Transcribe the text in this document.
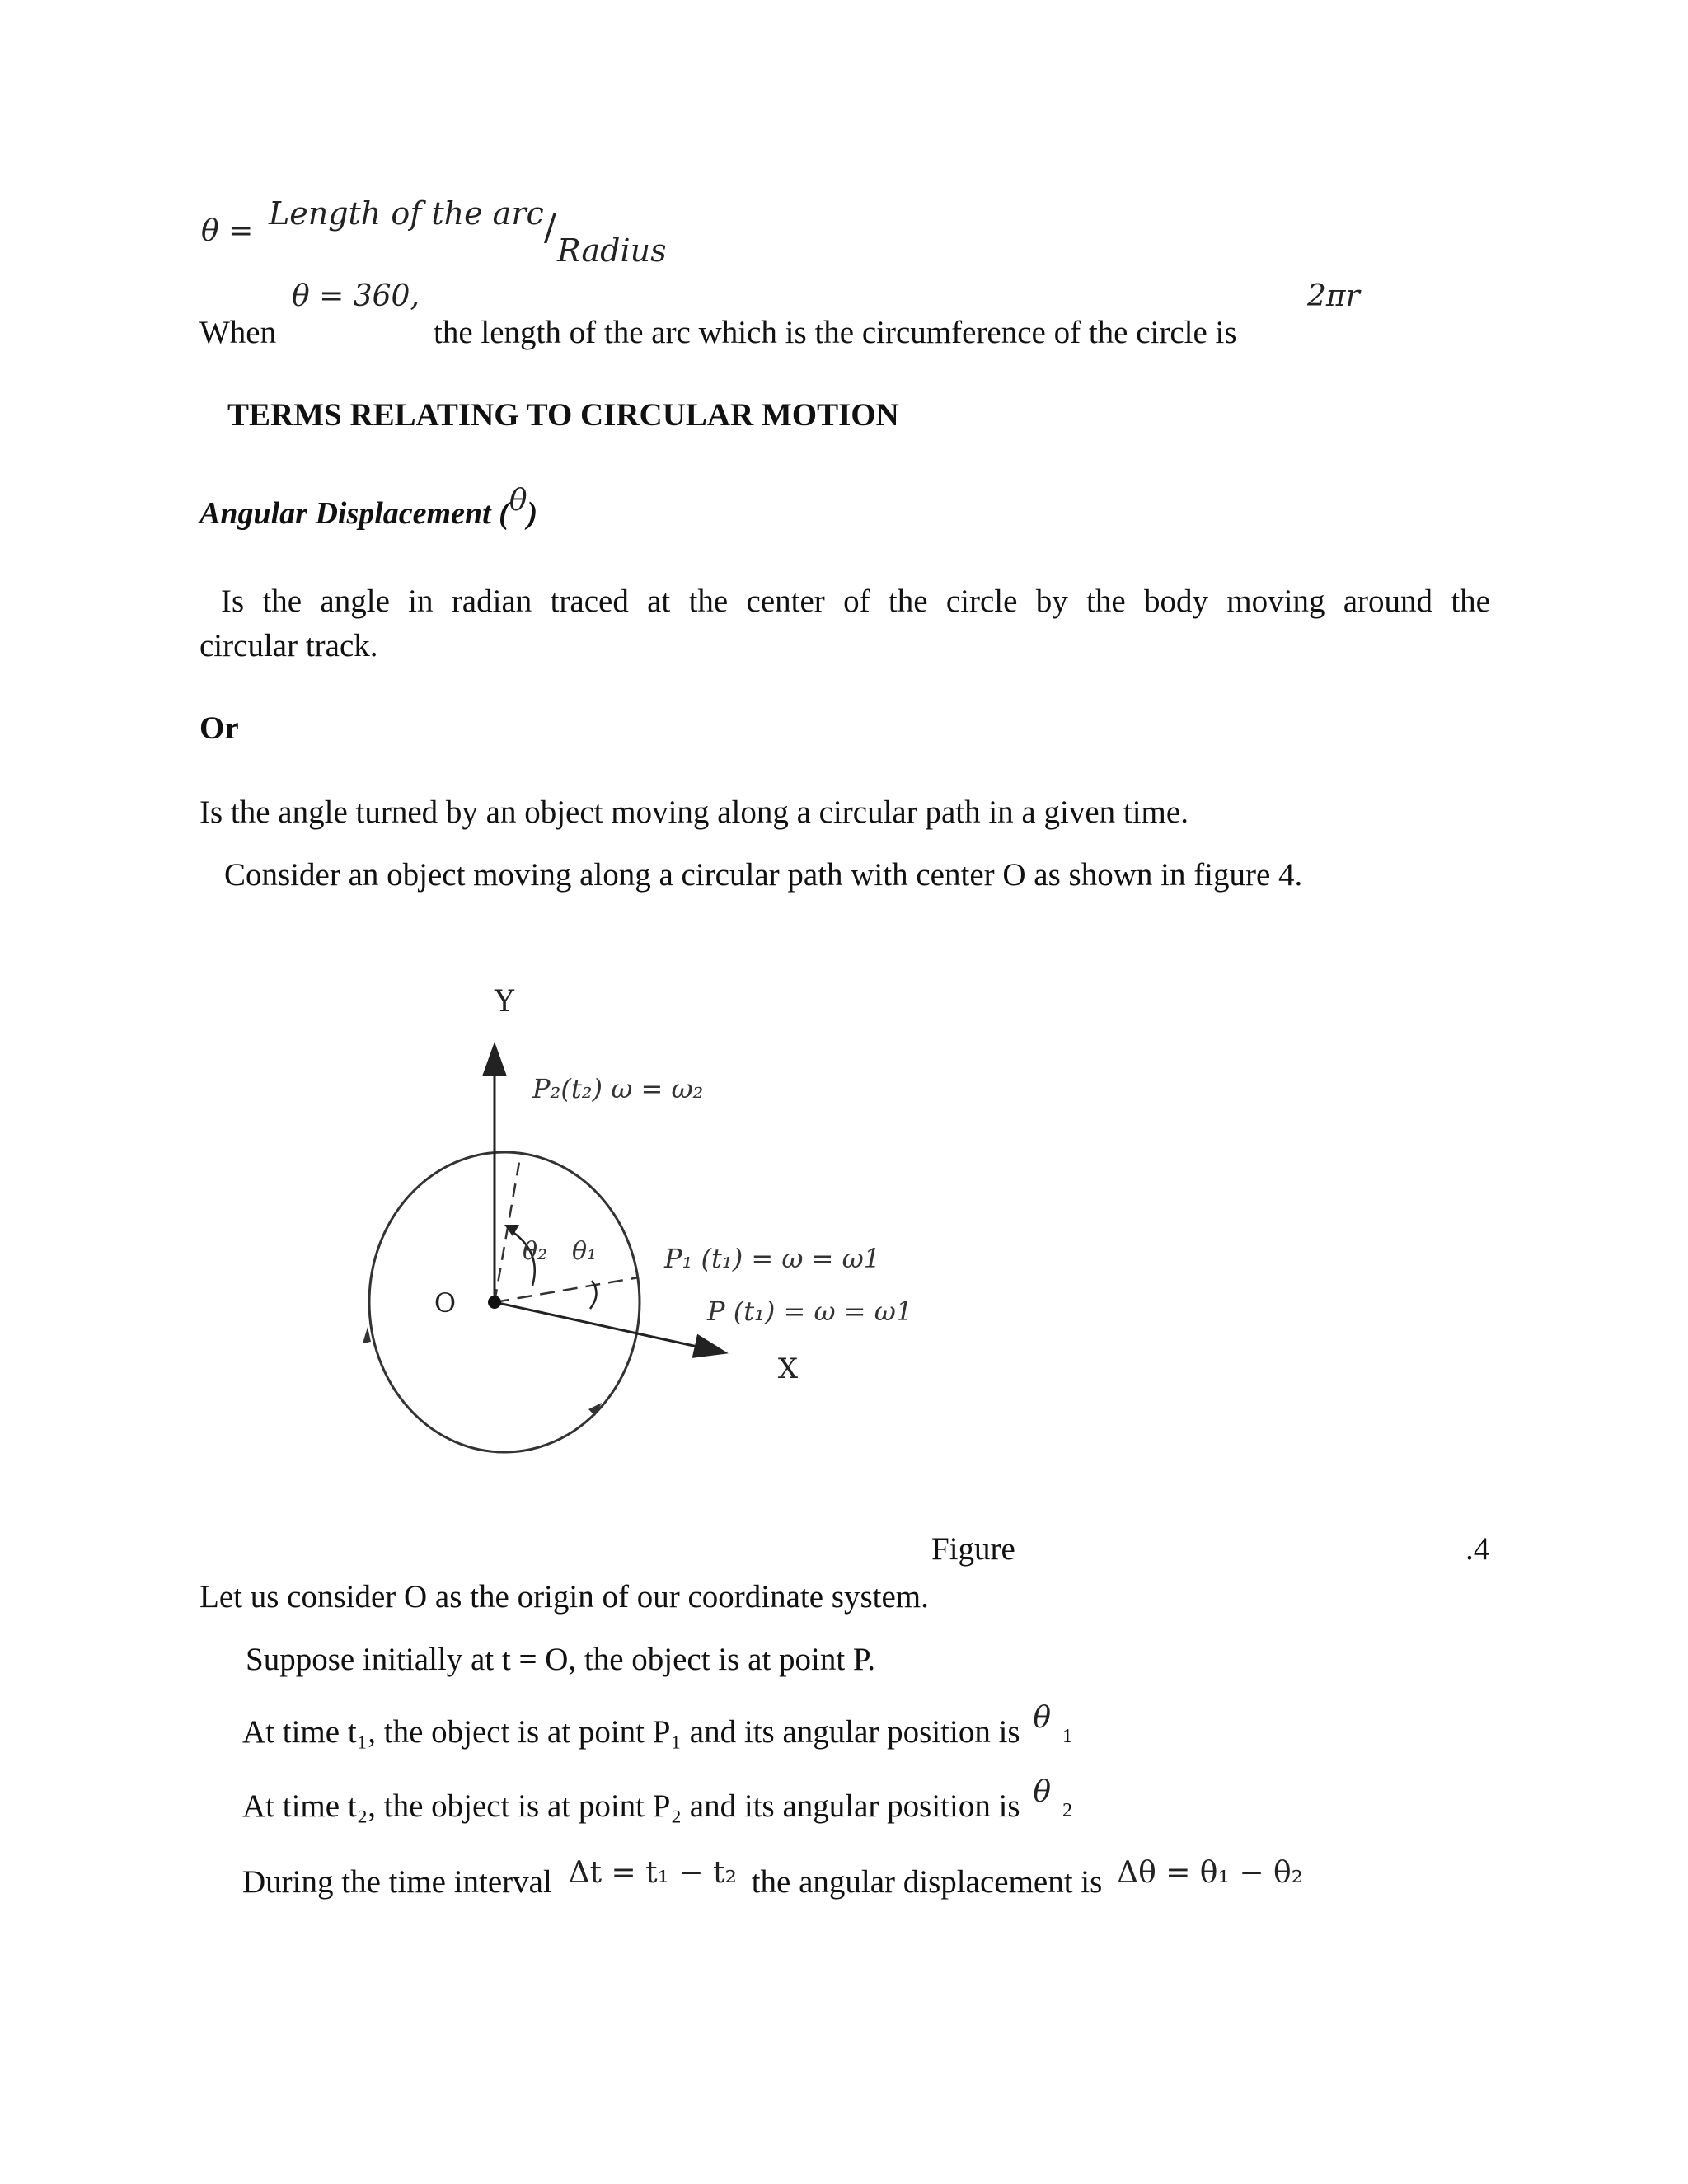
θ = Length of the arc /
Radius
θ = 360,	2πr
When	the length of the arc which is the circumference of the circle is
TERMS RELATING TO CIRCULAR MOTION
Angular Displacement (θ)
Is the angle in radian traced at the center of the circle by the body moving around the
circular track.
Or
Is the angle turned by an object moving along a circular path in a given time.
Consider an object moving along a circular path with center O as shown in figure 4.
Y
X
O
P₂(t₂) ω = ω₂
θ₂ θ₁	P₁ (t₁) = ω = ω1
P (t₁) = ω = ω1
Figure	.4
Let us consider O as the origin of our coordinate system.
Suppose initially at t = O, the object is at point P.
At time t₁, the object is at point P₁ and its angular position is θ1
At time t₂, the object is at point P₂ and its angular position is θ2
During the time interval Δt = t₁ − t₂ the angular displacement is Δθ = θ₁ − θ₂
